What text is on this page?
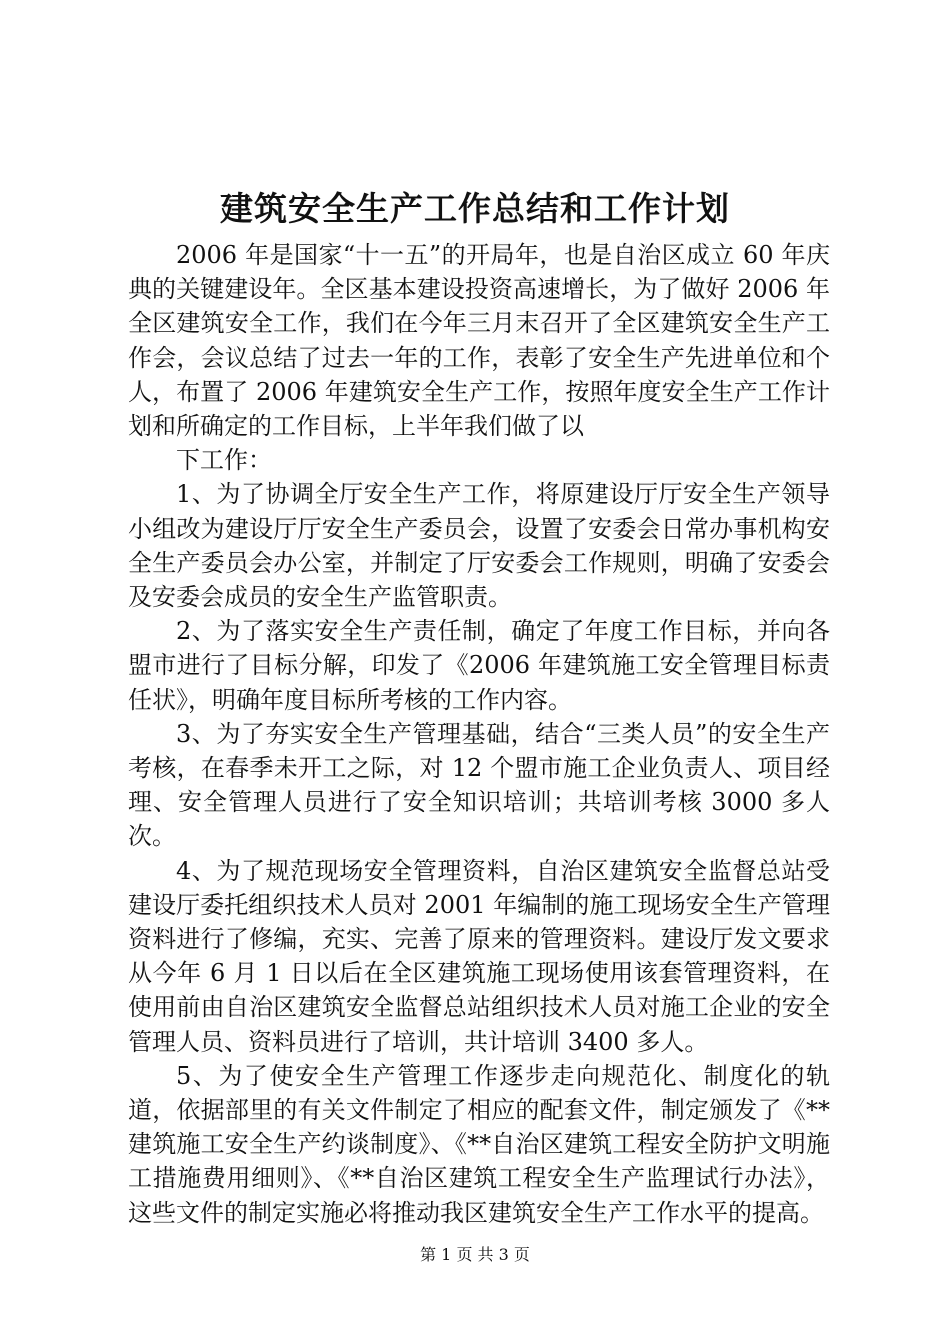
建筑安全生产工作总结和工作计划

2006 年是国家“十一五”的开局年，也是自治区成立 60 年庆典的关键建设年。全区基本建设投资高速增长，为了做好 2006 年全区建筑安全工作，我们在今年三月末召开了全区建筑安全生产工作会，会议总结了过去一年的工作，表彰了安全生产先进单位和个人，布置了 2006 年建筑安全生产工作，按照年度安全生产工作计划和所确定的工作目标，上半年我们做了以

下工作：

1、为了协调全厅安全生产工作，将原建设厅厅安全生产领导小组改为建设厅厅安全生产委员会，设置了安委会日常办事机构安全生产委员会办公室，并制定了厅安委会工作规则，明确了安委会及安委会成员的安全生产监管职责。

2、为了落实安全生产责任制，确定了年度工作目标，并向各盟市进行了目标分解，印发了《2006 年建筑施工安全管理目标责任状》，明确年度目标所考核的工作内容。

3、为了夯实安全生产管理基础，结合“三类人员”的安全生产考核，在春季未开工之际，对 12 个盟市施工企业负责人、项目经理、安全管理人员进行了安全知识培训；共培训考核 3000 多人次。

4、为了规范现场安全管理资料，自治区建筑安全监督总站受建设厅委托组织技术人员对 2001 年编制的施工现场安全生产管理资料进行了修编，充实、完善了原来的管理资料。建设厅发文要求从今年 6 月 1 日以后在全区建筑施工现场使用该套管理资料，在使用前由自治区建筑安全监督总站组织技术人员对施工企业的安全管理人员、资料员进行了培训，共计培训 3400 多人。

5、为了使安全生产管理工作逐步走向规范化、制度化的轨道，依据部里的有关文件制定了相应的配套文件，制定颁发了《**建筑施工安全生产约谈制度》、《**自治区建筑工程安全防护文明施工措施费用细则》、《**自治区建筑工程安全生产监理试行办法》，这些文件的制定实施必将推动我区建筑安全生产工作水平的提高。

第 1 页 共 3 页
